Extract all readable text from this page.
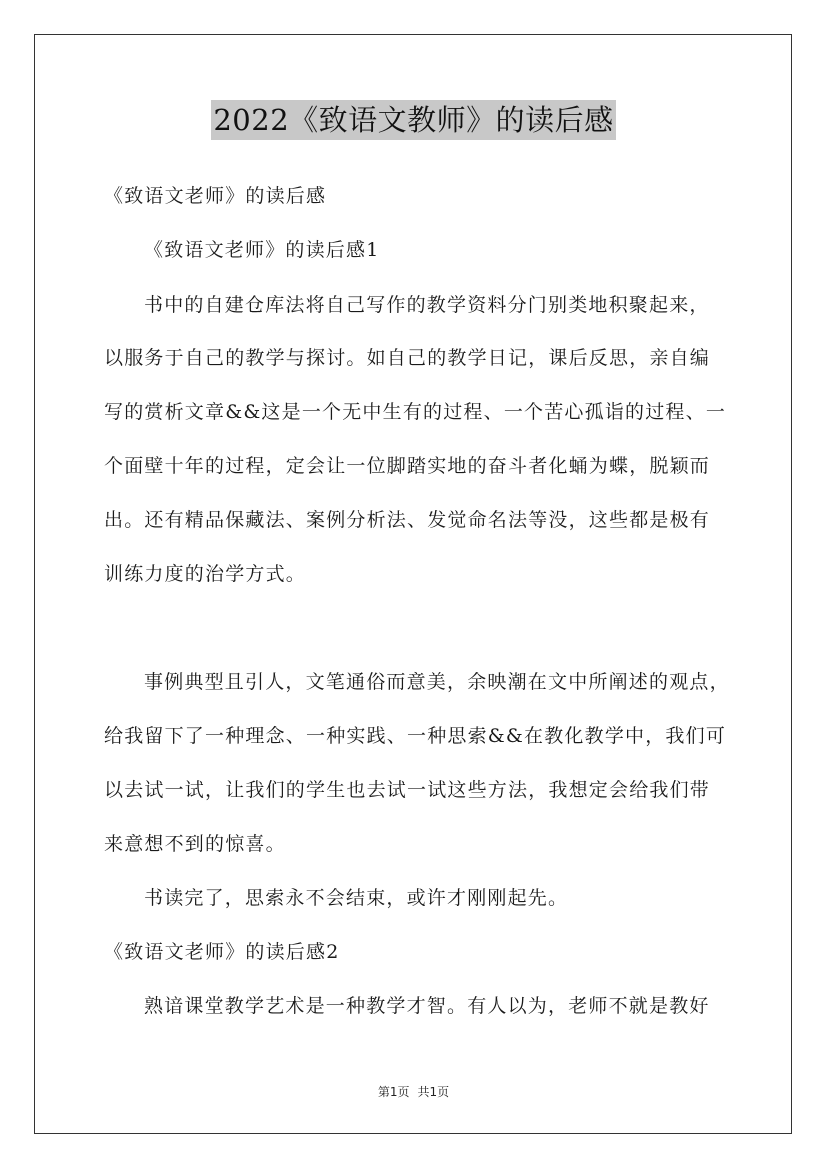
2022《致语文教师》的读后感
《致语文老师》的读后感
《致语文老师》的读后感1
书中的自建仓库法将自己写作的教学资料分门别类地积聚起来，
以服务于自己的教学与探讨。如自己的教学日记，课后反思，亲自编
写的赏析文章&&这是一个无中生有的过程、一个苦心孤诣的过程、一
个面壁十年的过程，定会让一位脚踏实地的奋斗者化蛹为蝶，脱颖而
出。还有精品保藏法、案例分析法、发觉命名法等没，这些都是极有
训练力度的治学方式。
事例典型且引人，文笔通俗而意美，余映潮在文中所阐述的观点，
给我留下了一种理念、一种实践、一种思索&&在教化教学中，我们可
以去试一试，让我们的学生也去试一试这些方法，我想定会给我们带
来意想不到的惊喜。
书读完了，思索永不会结束，或许才刚刚起先。
《致语文老师》的读后感2
熟谙课堂教学艺术是一种教学才智。有人以为，老师不就是教好
第1页 共1页
